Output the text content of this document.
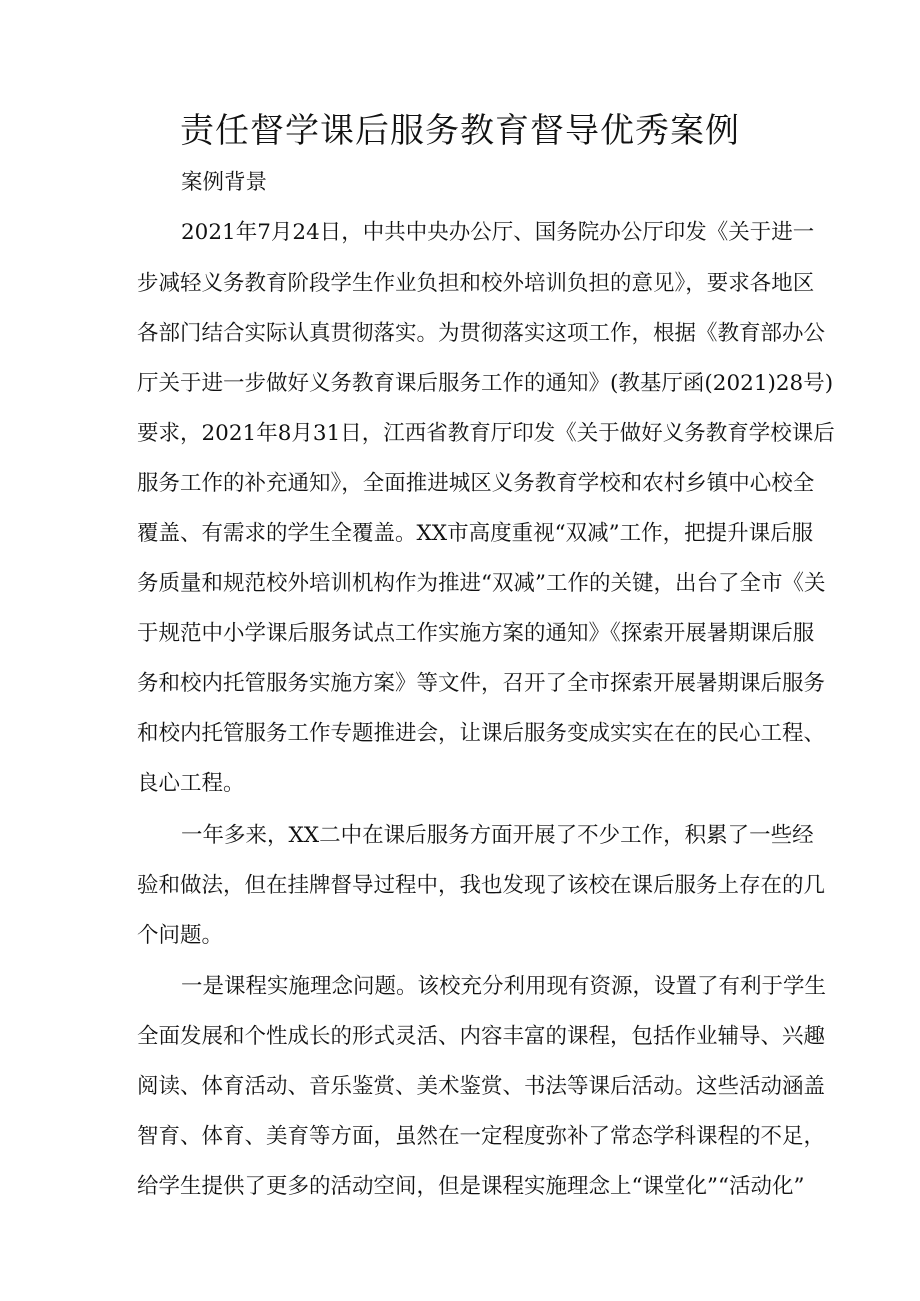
责任督学课后服务教育督导优秀案例

案例背景

2021年7月24日，中共中央办公厅、国务院办公厅印发《关于进一

步减轻义务教育阶段学生作业负担和校外培训负担的意见》，要求各地区

各部门结合实际认真贯彻落实。为贯彻落实这项工作，根据《教育部办公

厅关于进一步做好义务教育课后服务工作的通知》(教基厅函(2021)28号)

要求，2021年8月31日，江西省教育厅印发《关于做好义务教育学校课后

服务工作的补充通知》，全面推进城区义务教育学校和农村乡镇中心校全

覆盖、有需求的学生全覆盖。XX市高度重视“双减”工作，把提升课后服

务质量和规范校外培训机构作为推进“双减”工作的关键，出台了全市《关

于规范中小学课后服务试点工作实施方案的通知》《探索开展暑期课后服

务和校内托管服务实施方案》等文件，召开了全市探索开展暑期课后服务

和校内托管服务工作专题推进会，让课后服务变成实实在在的民心工程、

良心工程。

一年多来，XX二中在课后服务方面开展了不少工作，积累了一些经

验和做法，但在挂牌督导过程中，我也发现了该校在课后服务上存在的几

个问题。

一是课程实施理念问题。该校充分利用现有资源，设置了有利于学生

全面发展和个性成长的形式灵活、内容丰富的课程，包括作业辅导、兴趣

阅读、体育活动、音乐鉴赏、美术鉴赏、书法等课后活动。这些活动涵盖

智育、体育、美育等方面，虽然在一定程度弥补了常态学科课程的不足，

给学生提供了更多的活动空间，但是课程实施理念上“课堂化”“活动化”
